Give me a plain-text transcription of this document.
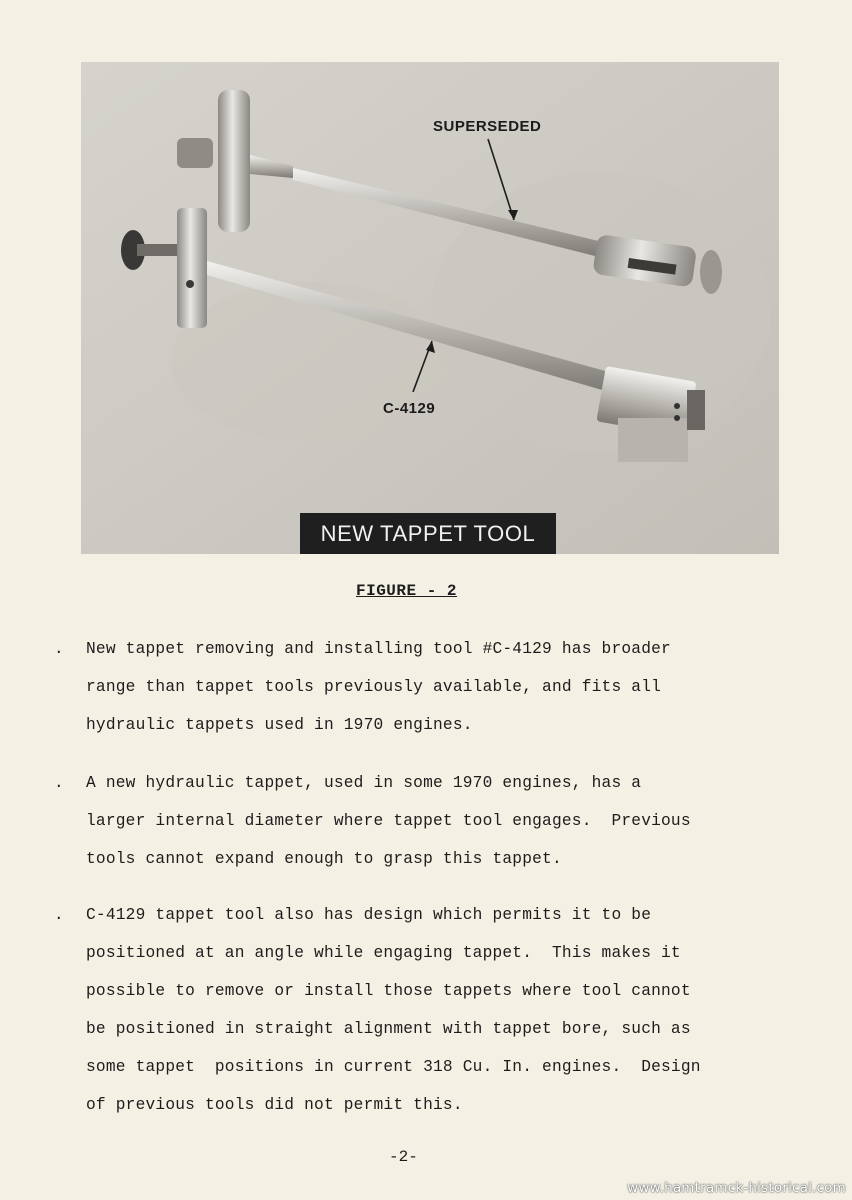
SUPERSEDED
C-4129
NEW TAPPET TOOL
FIGURE - 2
. New tappet removing and installing tool #C-4129 has broader
range than tappet tools previously available, and fits all
hydraulic tappets used in 1970 engines.
. A new hydraulic tappet, used in some 1970 engines, has a
larger internal diameter where tappet tool engages.  Previous
tools cannot expand enough to grasp this tappet.
. C-4129 tappet tool also has design which permits it to be
positioned at an angle while engaging tappet.  This makes it
possible to remove or install those tappets where tool cannot
be positioned in straight alignment with tappet bore, such as
some tappet  positions in current 318 Cu. In. engines.  Design
of previous tools did not permit this.
-2-
www.hamtramck-historical.com
